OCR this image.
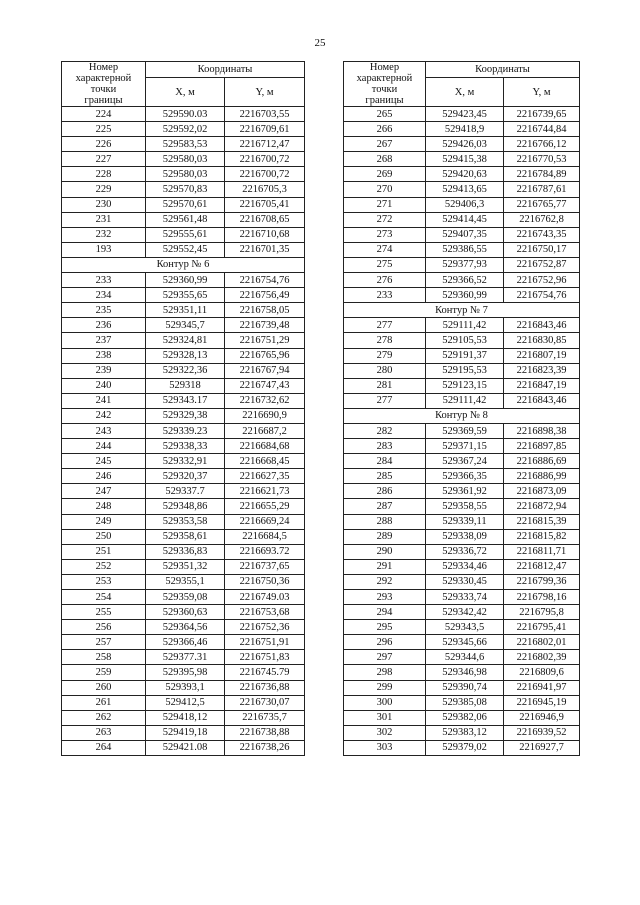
25
Номер
характерной
точки
границы	Координаты	
	X, м	Y, м
224	529590.03	2216703,55
225	529592,02	2216709,61
226	529583,53	2216712,47
227	529580,03	2216700,72
228	529580,03	2216700,72
229	529570,83	2216705,3
230	529570,61	2216705,41
231	529561,48	2216708,65
232	529555,61	2216710,68
193	529552,45	2216701,35
Контур № 6		
233	529360,99	2216754,76
234	529355,65	2216756,49
235	529351,11	2216758,05
236	529345,7	2216739,48
237	529324,81	2216751,29
238	529328,13	2216765,96
239	529322,36	2216767,94
240	529318	2216747,43
241	529343.17	2216732,62
242	529329,38	2216690,9
243	529339.23	2216687,2
244	529338,33	2216684,68
245	529332,91	2216668,45
246	529320,37	2216627,35
247	529337.7	2216621,73
248	529348,86	2216655,29
249	529353,58	2216669,24
250	529358,61	2216684,5
251	529336,83	2216693.72
252	529351,32	2216737,65
253	529355,1	2216750,36
254	529359,08	2216749.03
255	529360,63	2216753,68
256	529364,56	2216752,36
257	529366,46	2216751,91
258	529377.31	2216751,83
259	529395,98	2216745.79
260	529393,1	2216736,88
261	529412,5	2216730,07
262	529418,12	2216735,7
263	529419,18	2216738,88
264	529421.08	2216738,26
Номер
характерной
точки
границы	Координаты	
	X, м	Y, м
265	529423,45	2216739,65
266	529418,9	2216744,84
267	529426,03	2216766,12
268	529415,38	2216770,53
269	529420,63	2216784,89
270	529413,65	2216787,61
271	529406,3	2216765,77
272	529414,45	2216762,8
273	529407,35	2216743,35
274	529386,55	2216750,17
275	529377,93	2216752,87
276	529366,52	2216752,96
233	529360,99	2216754,76
Контур № 7		
277	529111,42	2216843,46
278	529105,53	2216830,85
279	529191,37	2216807,19
280	529195,53	2216823,39
281	529123,15	2216847,19
277	529111,42	2216843,46
Контур № 8		
282	529369,59	2216898,38
283	529371,15	2216897,85
284	529367,24	2216886,69
285	529366,35	2216886,99
286	529361,92	2216873,09
287	529358,55	2216872,94
288	529339,11	2216815,39
289	529338,09	2216815,82
290	529336,72	2216811,71
291	529334,46	2216812,47
292	529330,45	2216799,36
293	529333,74	2216798,16
294	529342,42	2216795,8
295	529343,5	2216795,41
296	529345,66	2216802,01
297	529344,6	2216802,39
298	529346,98	2216809,6
299	529390,74	2216941,97
300	529385,08	2216945,19
301	529382,06	2216946,9
302	529383,12	2216939,52
303	529379,02	2216927,7
